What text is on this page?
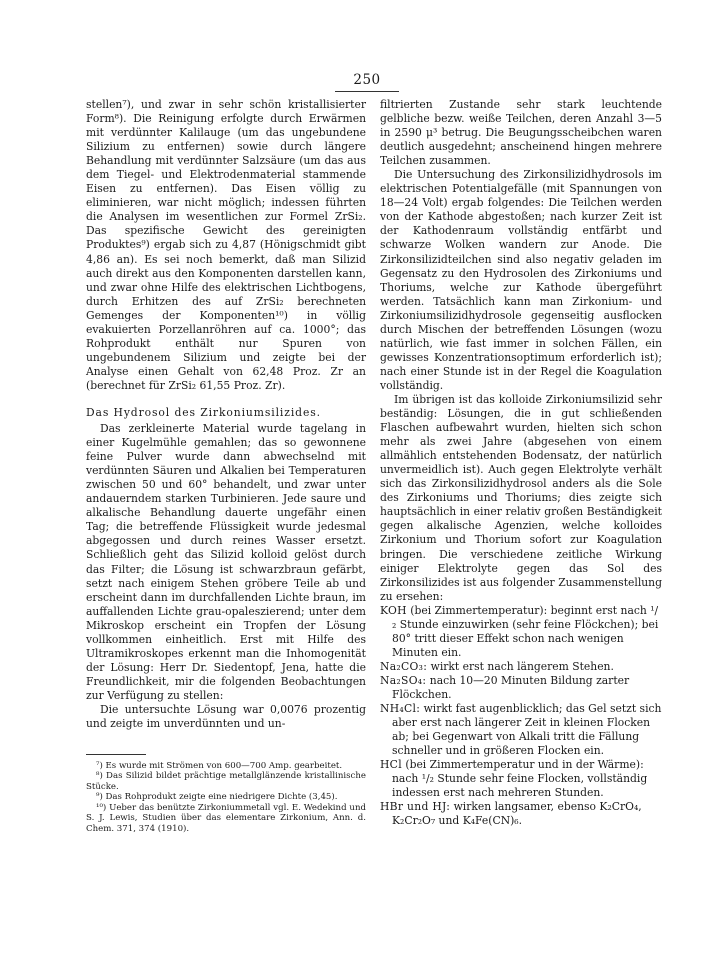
250

stellen⁷), und zwar in sehr schön kristallisierter Form⁸). Die Reinigung erfolgte durch Erwärmen mit verdünnter Kalilauge (um das ungebundene Silizium zu entfernen) sowie durch längere Behandlung mit verdünnter Salzsäure (um das aus dem Tiegel- und Elektrodenmaterial stammende Eisen zu entfernen). Das Eisen völlig zu eliminieren, war nicht möglich; indessen führten die Analysen im wesentlichen zur Formel ZrSi₂. Das spezifische Gewicht des gereinigten Produktes⁹) ergab sich zu 4,87 (Hönigschmidt gibt 4,86 an). Es sei noch bemerkt, daß man Silizid auch direkt aus den Komponenten darstellen kann, und zwar ohne Hilfe des elektrischen Lichtbogens, durch Erhitzen des auf ZrSi₂ berechneten Gemenges der Komponenten¹⁰) in völlig evakuierten Porzellanröhren auf ca. 1000°; das Rohprodukt enthält nur Spuren von ungebundenem Silizium und zeigte bei der Analyse einen Gehalt von 62,48 Proz. Zr an (berechnet für ZrSi₂ 61,55 Proz. Zr).

Das Hydrosol des Zirkoniumsilizides.

Das zerkleinerte Material wurde tagelang in einer Kugelmühle gemahlen; das so gewonnene feine Pulver wurde dann abwechselnd mit verdünnten Säuren und Alkalien bei Temperaturen zwischen 50 und 60° behandelt, und zwar unter andauerndem starken Turbinieren. Jede saure und alkalische Behandlung dauerte ungefähr einen Tag; die betreffende Flüssigkeit wurde jedesmal abgegossen und durch reines Wasser ersetzt. Schließlich geht das Silizid kolloid gelöst durch das Filter; die Lösung ist schwarzbraun gefärbt, setzt nach einigem Stehen gröbere Teile ab und erscheint dann im durchfallenden Lichte braun, im auffallenden Lichte grau-opaleszierend; unter dem Mikroskop erscheint ein Tropfen der Lösung vollkommen einheitlich. Erst mit Hilfe des Ultramikroskopes erkennt man die Inhomogenität der Lösung: Herr Dr. Siedentopf, Jena, hatte die Freundlichkeit, mir die folgenden Beobachtungen zur Verfügung zu stellen:

Die untersuchte Lösung war 0,0076 prozentig und zeigte im unverdünnten und un-

⁷) Es wurde mit Strömen von 600—700 Amp. gearbeitet.

⁸) Das Silizid bildet prächtige metallglänzende kristallinische Stücke.

⁹) Das Rohprodukt zeigte eine niedrigere Dichte (3,45).

¹⁰) Ueber das benützte Zirkoniummetall vgl. E. Wedekind und S. J. Lewis, Studien über das elementare Zirkonium, Ann. d. Chem. 371, 374 (1910).

filtrierten Zustande sehr stark leuchtende gelbliche bezw. weiße Teilchen, deren Anzahl 3—5 in 2590 μ³ betrug. Die Beugungsscheibchen waren deutlich ausgedehnt; anscheinend hingen mehrere Teilchen zusammen.

Die Untersuchung des Zirkonsilizidhydrosols im elektrischen Potentialgefälle (mit Spannungen von 18—24 Volt) ergab folgendes: Die Teilchen werden von der Kathode abgestoßen; nach kurzer Zeit ist der Kathodenraum vollständig entfärbt und schwarze Wolken wandern zur Anode. Die Zirkonsilizidteilchen sind also negativ geladen im Gegensatz zu den Hydrosolen des Zirkoniums und Thoriums, welche zur Kathode übergeführt werden. Tatsächlich kann man Zirkonium- und Zirkoniumsilizidhydrosole gegenseitig ausflocken durch Mischen der betreffenden Lösungen (wozu natürlich, wie fast immer in solchen Fällen, ein gewisses Konzentrationsoptimum erforderlich ist); nach einer Stunde ist in der Regel die Koagulation vollständig.

Im übrigen ist das kolloide Zirkoniumsilizid sehr beständig: Lösungen, die in gut schließenden Flaschen aufbewahrt wurden, hielten sich schon mehr als zwei Jahre (abgesehen von einem allmählich entstehenden Bodensatz, der natürlich unvermeidlich ist). Auch gegen Elektrolyte verhält sich das Zirkonsilizidhydrosol anders als die Sole des Zirkoniums und Thoriums; dies zeigte sich hauptsächlich in einer relativ großen Beständigkeit gegen alkalische Agenzien, welche kolloides Zirkonium und Thorium sofort zur Koagulation bringen. Die verschiedene zeitliche Wirkung einiger Elektrolyte gegen das Sol des Zirkonsilizides ist aus folgender Zusammenstellung zu ersehen:

KOH (bei Zimmertemperatur): beginnt erst nach ¹/₂ Stunde einzuwirken (sehr feine Flöckchen); bei 80° tritt dieser Effekt schon nach wenigen Minuten ein.

Na₂CO₃: wirkt erst nach längerem Stehen.

Na₂SO₄: nach 10—20 Minuten Bildung zarter Flöckchen.

NH₄Cl: wirkt fast augenblicklich; das Gel setzt sich aber erst nach längerer Zeit in kleinen Flocken ab; bei Gegenwart von Alkali tritt die Fällung schneller und in größeren Flocken ein.

HCl (bei Zimmertemperatur und in der Wärme): nach ¹/₂ Stunde sehr feine Flocken, vollständig indessen erst nach mehreren Stunden.

HBr und HJ: wirken langsamer, ebenso K₂CrO₄, K₂Cr₂O₇ und K₄Fe(CN)₆.
